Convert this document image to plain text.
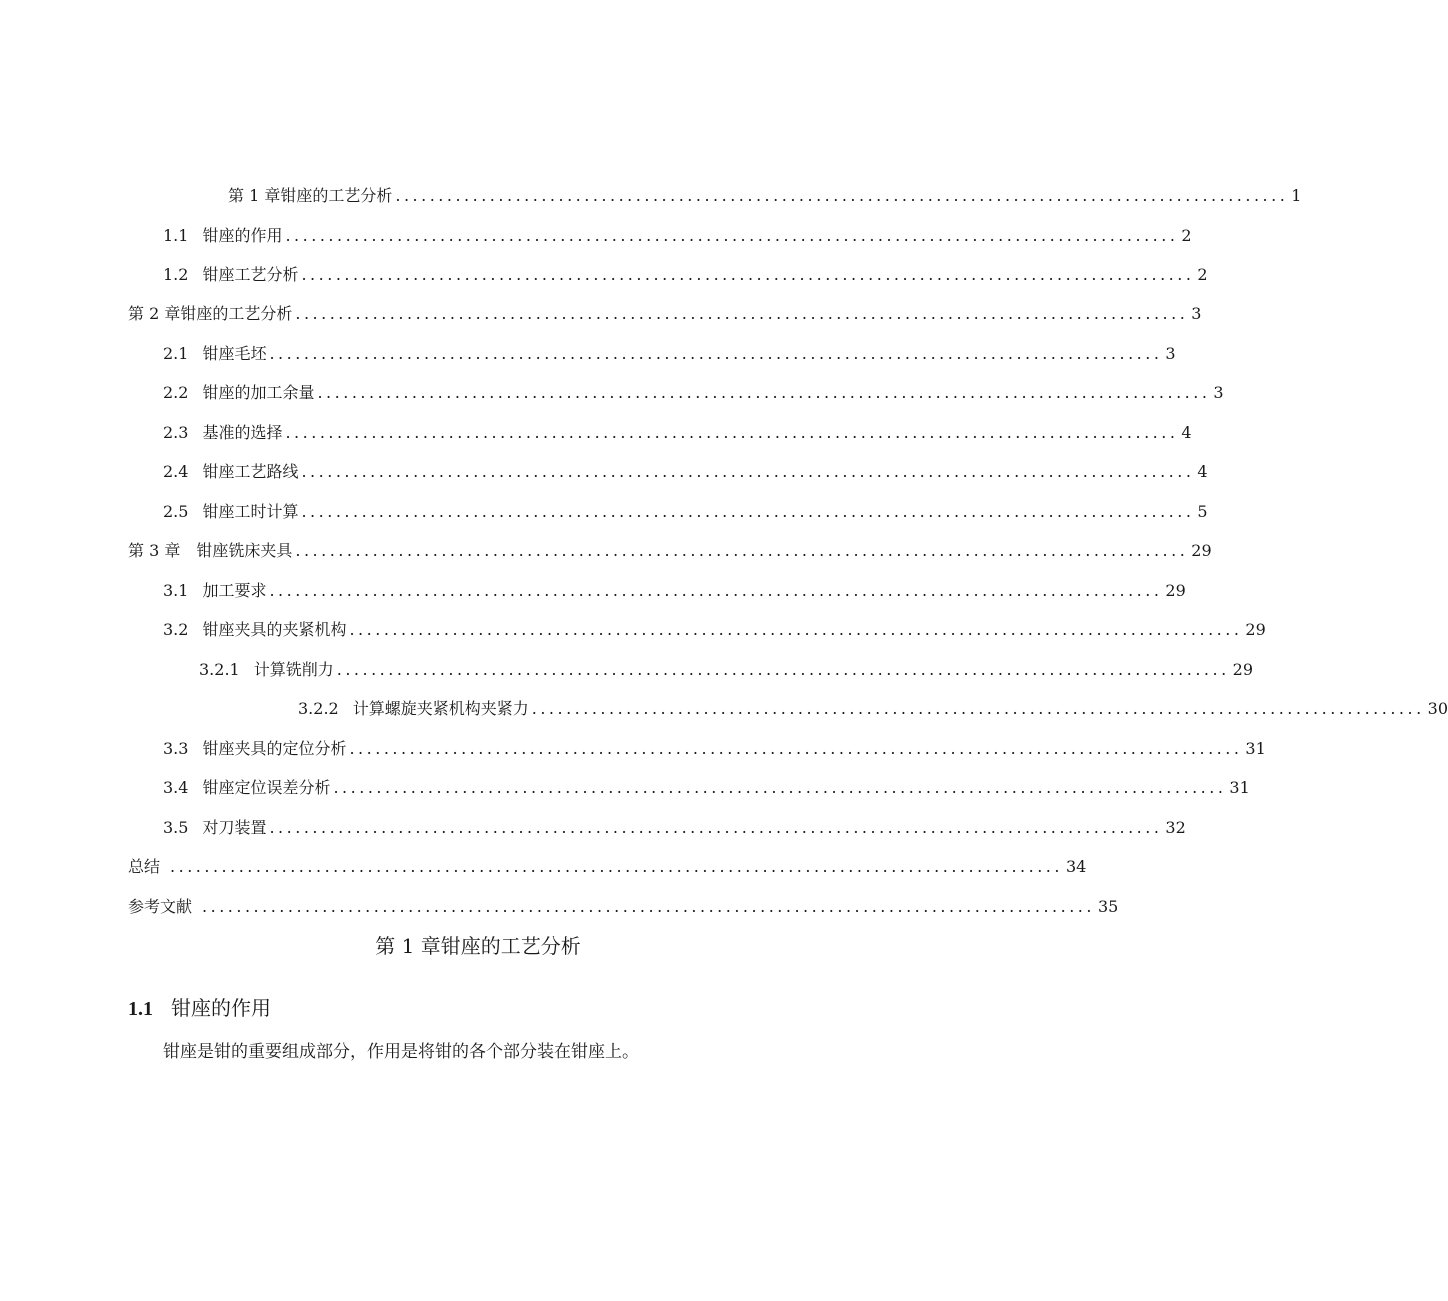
第 1 章钳座的工艺分析 ........................................................................................................ 1
1.1 钳座的作用 ........................................................................................................ 2
1.2 钳座工艺分析 ........................................................................................................ 2
第 2 章钳座的工艺分析 ........................................................................................................ 3
2.1 钳座毛坯 ........................................................................................................ 3
2.2 钳座的加工余量 ........................................................................................................ 3
2.3 基准的选择 ........................................................................................................ 4
2.4 钳座工艺路线 ........................................................................................................ 4
2.5 钳座工时计算 ........................................................................................................ 5
第 3 章　钳座铣床夹具 ........................................................................................................ 29
3.1 加工要求 ........................................................................................................ 29
3.2 钳座夹具的夹紧机构 ........................................................................................................ 29
3.2.1 计算铣削力 ........................................................................................................ 29
3.2.2 计算螺旋夹紧机构夹紧力 ........................................................................................................ 30
3.3 钳座夹具的定位分析 ........................................................................................................ 31
3.4 钳座定位误差分析 ........................................................................................................ 31
3.5 对刀装置 ........................................................................................................ 32
总结 ........................................................................................................ 34
参考文献 ........................................................................................................ 35
第 1 章钳座的工艺分析
1.1 钳座的作用
钳座是钳的重要组成部分，作用是将钳的各个部分装在钳座上。
